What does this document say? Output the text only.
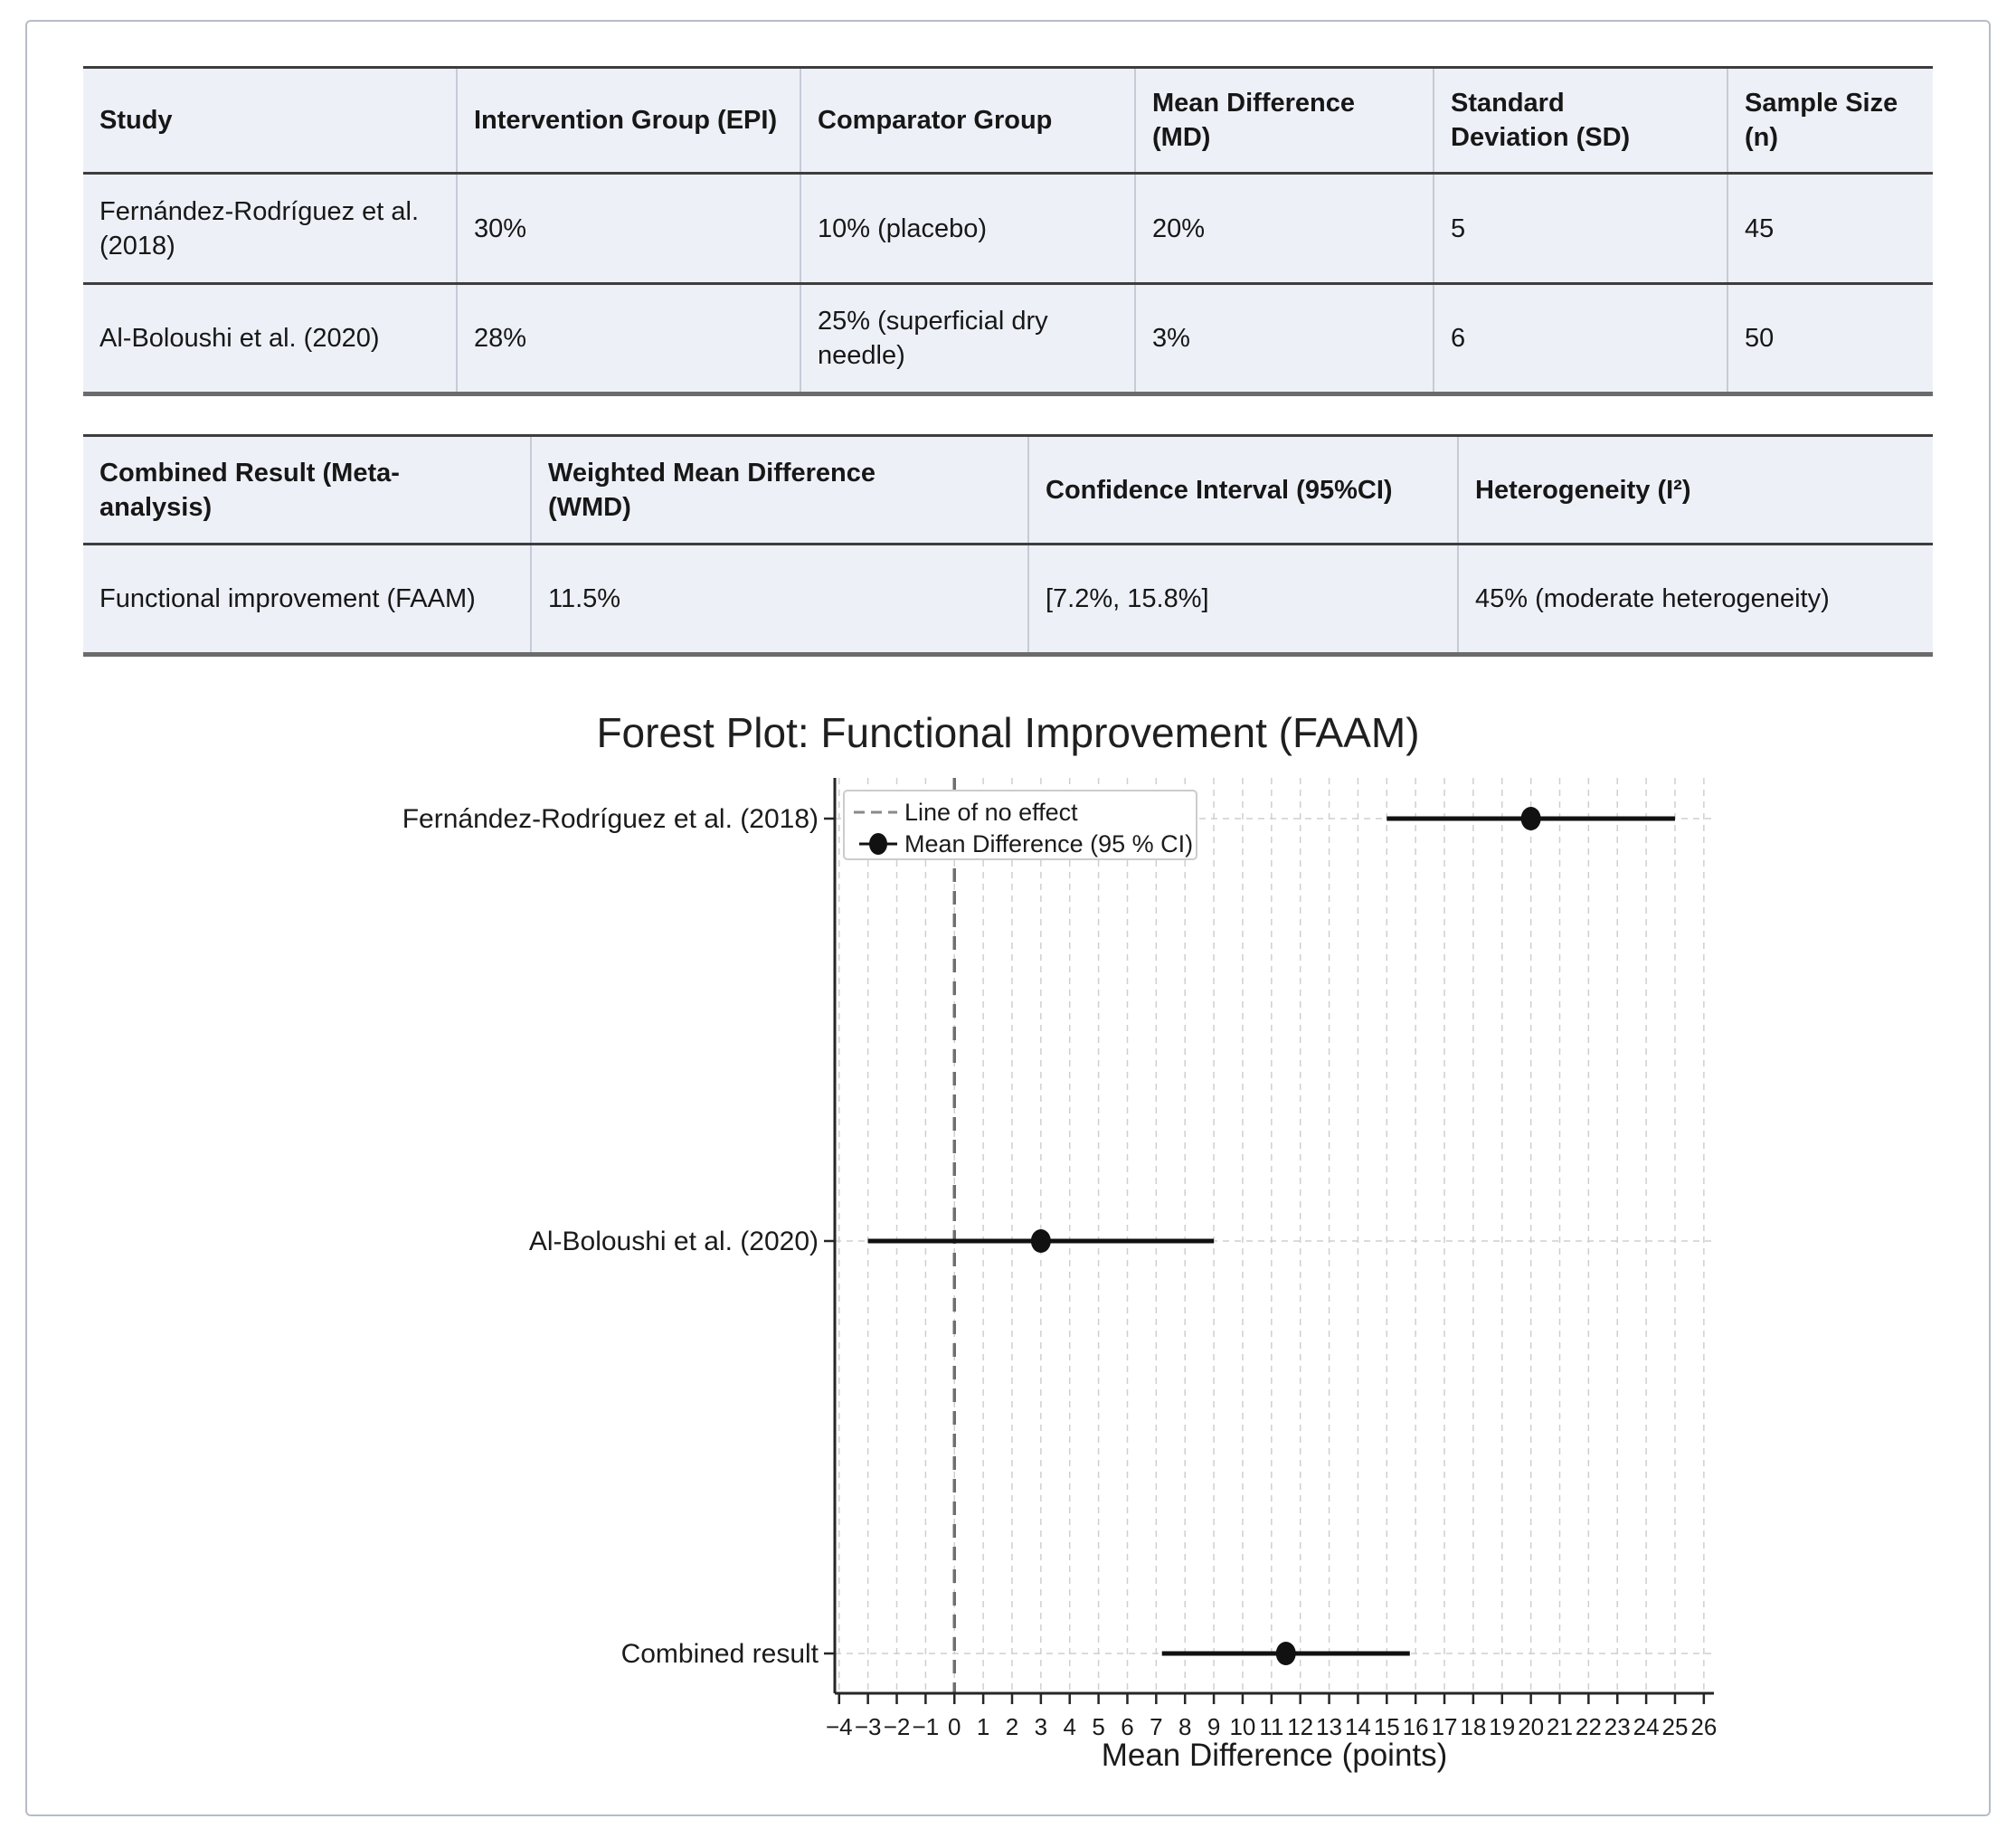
Study	Intervention Group (EPI)	Comparator Group	Mean Difference (MD)	Standard Deviation (SD)	Sample Size (n)
Fernández-Rodríguez et al. (2018)	30%	10% (placebo)	20%	5	45
Al-Boloushi et al. (2020)	28%	25% (superficial dry needle)	3%	6	50
Combined Result (Meta-analysis)	Weighted Mean Difference (WMD)	Confidence Interval (95%CI)	Heterogeneity (I²)
Functional improvement (FAAM)	11.5%	[7.2%, 15.8%]	45% (moderate heterogeneity)
Forest Plot: Functional Improvement (FAAM)
−4 −3 −2 −1 0 1 2 3 4 5 6 7 8 9 10 11 12 13 14 15 16 17 18 19 20 21 22 23 24 25 26
Fernández-Rodríguez et al. (2018)
Al-Boloushi et al. (2020)
Combined result
Mean Difference (points)
Line of no effect
Mean Difference (95 % CI)
